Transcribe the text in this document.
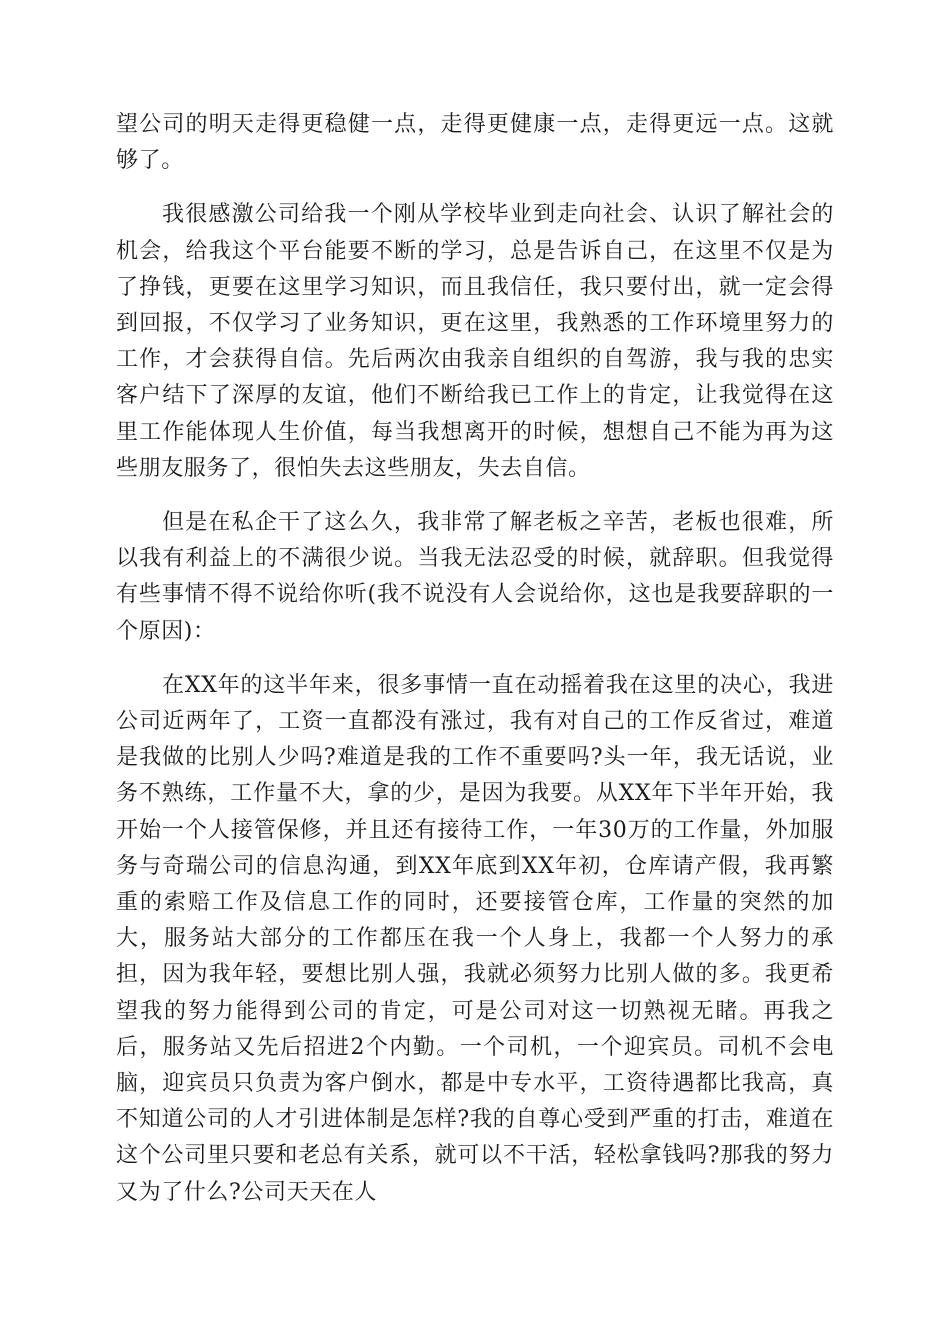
望公司的明天走得更稳健一点，走得更健康一点，走得更远一点。这就够了。

我很感激公司给我一个刚从学校毕业到走向社会、认识了解社会的机会，给我这个平台能要不断的学习，总是告诉自己，在这里不仅是为了挣钱，更要在这里学习知识，而且我信任，我只要付出，就一定会得到回报，不仅学习了业务知识，更在这里，我熟悉的工作环境里努力的工作，才会获得自信。先后两次由我亲自组织的自驾游，我与我的忠实客户结下了深厚的友谊，他们不断给我已工作上的肯定，让我觉得在这里工作能体现人生价值，每当我想离开的时候，想想自己不能为再为这些朋友服务了，很怕失去这些朋友，失去自信。

但是在私企干了这么久，我非常了解老板之辛苦，老板也很难，所以我有利益上的不满很少说。当我无法忍受的时候，就辞职。但我觉得有些事情不得不说给你听(我不说没有人会说给你，这也是我要辞职的一个原因)：

在XX年的这半年来，很多事情一直在动摇着我在这里的决心，我进公司近两年了，工资一直都没有涨过，我有对自己的工作反省过，难道是我做的比别人少吗?难道是我的工作不重要吗?头一年，我无话说，业务不熟练，工作量不大，拿的少，是因为我要。从XX年下半年开始，我开始一个人接管保修，并且还有接待工作，一年30万的工作量，外加服务与奇瑞公司的信息沟通，到XX年底到XX年初，仓库请产假，我再繁重的索赔工作及信息工作的同时，还要接管仓库，工作量的突然的加大，服务站大部分的工作都压在我一个人身上，我都一个人努力的承担，因为我年轻，要想比别人强，我就必须努力比别人做的多。我更希望我的努力能得到公司的肯定，可是公司对这一切熟视无睹。再我之后，服务站又先后招进2个内勤。一个司机，一个迎宾员。司机不会电脑，迎宾员只负责为客户倒水，都是中专水平，工资待遇都比我高，真不知道公司的人才引进体制是怎样?我的自尊心受到严重的打击，难道在这个公司里只要和老总有关系，就可以不干活，轻松拿钱吗?那我的努力又为了什么?公司天天在人
